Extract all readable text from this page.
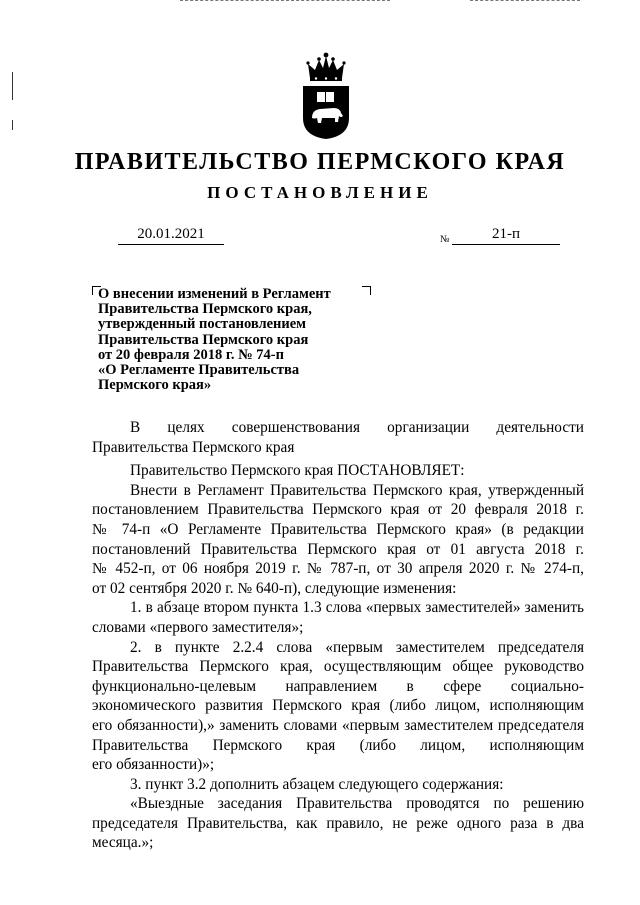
ПРАВИТЕЛЬСТВО ПЕРМСКОГО КРАЯ
ПОСТАНОВЛЕНИЕ
20.01.2021	№	21-п
О внесении изменений в Регламент
Правительства Пермского края,
утвержденный постановлением
Правительства Пермского края
от 20 февраля 2018 г. № 74-п
«О Регламенте Правительства
Пермского края»
В целях совершенствования организации деятельности
Правительства Пермского края
Правительство Пермского края ПОСТАНОВЛЯЕТ:
Внести в Регламент Правительства Пермского края, утвержденный
постановлением Правительства Пермского края от 20 февраля 2018 г.
№ 74-п «О Регламенте Правительства Пермского края» (в редакции
постановлений Правительства Пермского края от 01 августа 2018 г.
№ 452-п, от 06 ноября 2019 г. № 787-п, от 30 апреля 2020 г. № 274-п,
от 02 сентября 2020 г. № 640-п), следующие изменения:
1. в абзаце втором пункта 1.3 слова «первых заместителей» заменить
словами «первого заместителя»;
2. в пункте 2.2.4 слова «первым заместителем председателя
Правительства Пермского края, осуществляющим общее руководство
функционально-целевым направлением в сфере социально-
экономического развития Пермского края (либо лицом, исполняющим
его обязанности),» заменить словами «первым заместителем председателя
Правительства Пермского края (либо лицом, исполняющим
его обязанности)»;
3. пункт 3.2 дополнить абзацем следующего содержания:
«Выездные заседания Правительства проводятся по решению
председателя Правительства, как правило, не реже одного раза в два
месяца.»;
